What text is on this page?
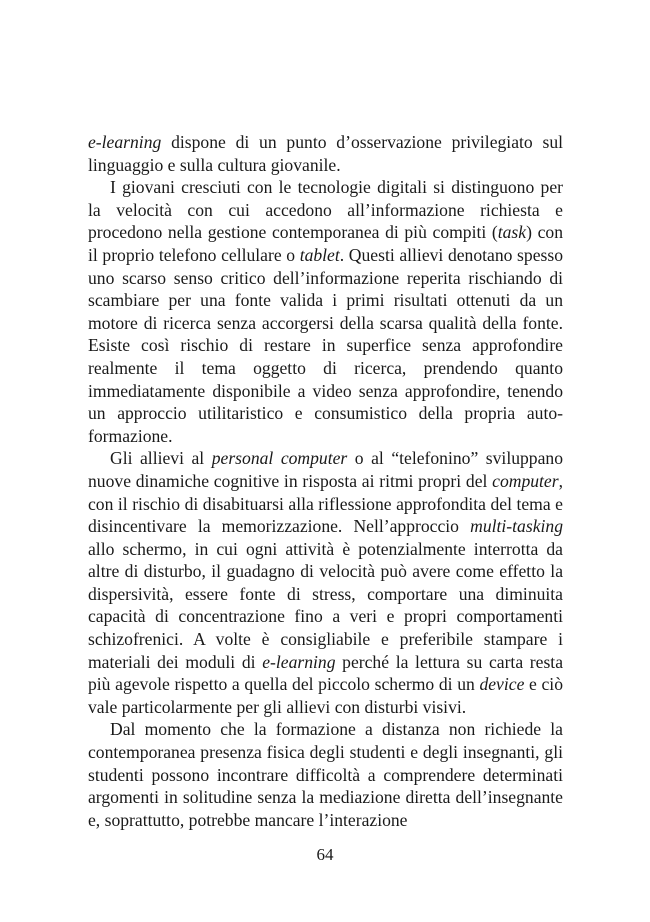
e-learning dispone di un punto d’osservazione privilegiato sul linguaggio e sulla cultura giovanile.

I giovani cresciuti con le tecnologie digitali si distinguono per la velocità con cui accedono all’informazione richiesta e procedono nella gestione contemporanea di più compiti (task) con il proprio telefono cellulare o tablet. Questi allievi denotano spesso uno scarso senso critico dell’informazione reperita rischiando di scambiare per una fonte valida i primi risultati ottenuti da un motore di ricerca senza accorgersi della scarsa qualità della fonte. Esiste così rischio di restare in superfice senza approfondire realmente il tema oggetto di ricerca, prendendo quanto immediatamente disponibile a video senza approfondire, tenendo un approccio utilitaristico e consumistico della propria auto-formazione.

Gli allievi al personal computer o al “telefonino” sviluppano nuove dinamiche cognitive in risposta ai ritmi propri del computer, con il rischio di disabituarsi alla riflessione approfondita del tema e disincentivare la memorizzazione. Nell’approccio multi-tasking allo schermo, in cui ogni attività è potenzialmente interrotta da altre di disturbo, il guadagno di velocità può avere come effetto la dispersività, essere fonte di stress, comportare una diminuita capacità di concentrazione fino a veri e propri comportamenti schizofrenici. A volte è consigliabile e preferibile stampare i materiali dei moduli di e-learning perché la lettura su carta resta più agevole rispetto a quella del piccolo schermo di un device e ciò vale particolarmente per gli allievi con disturbi visivi.

Dal momento che la formazione a distanza non richiede la contemporanea presenza fisica degli studenti e degli insegnanti, gli studenti possono incontrare difficoltà a comprendere determinati argomenti in solitudine senza la mediazione diretta dell’insegnante e, soprattutto, potrebbe mancare l’interazione

64
